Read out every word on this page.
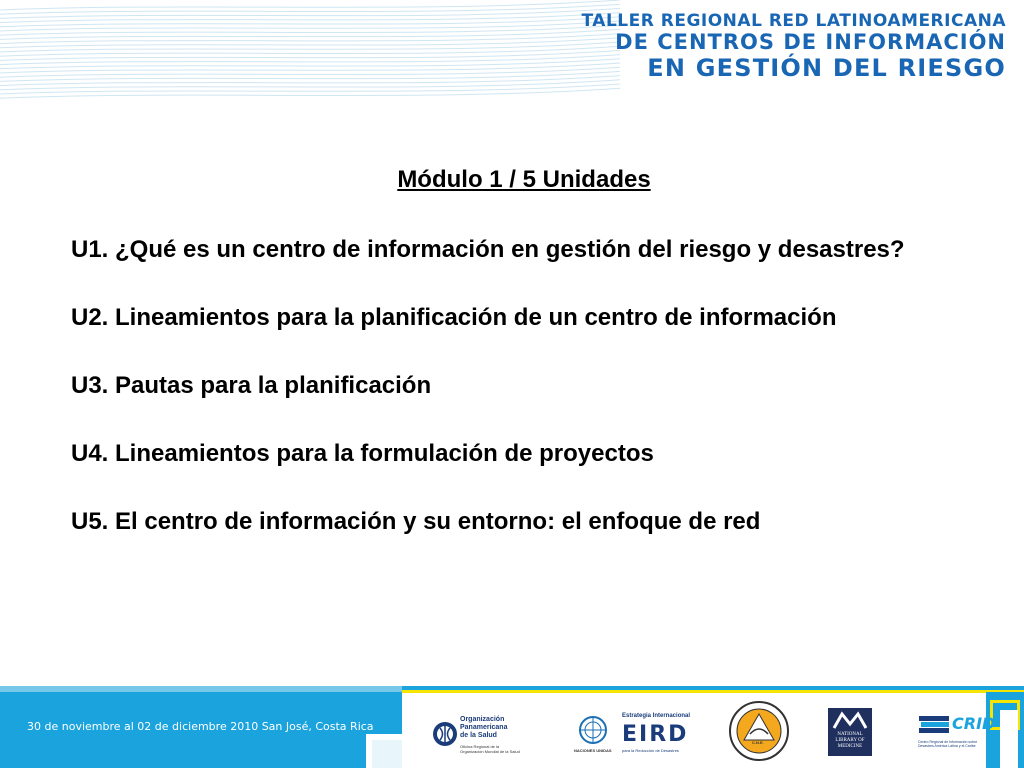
TALLER REGIONAL RED LATINOAMERICANA
DE CENTROS DE INFORMACIÓN
EN GESTIÓN DEL RIESGO
Módulo 1 / 5 Unidades
U1. ¿Qué es un centro de información en gestión del riesgo y desastres?
U2. Lineamientos para la planificación de un centro de información
U3. Pautas para la planificación
U4. Lineamientos para la formulación de proyectos
U5. El centro de información y su entorno: el enfoque de red
30 de noviembre al 02 de diciembre 2010 San José, Costa Rica
Organización
Panamericana
de la Salud
Oficina Regional de la
Organización Mundial de la Salud	NACIONES UNIDAS
Estrategia Internacional
EIRD
para la Reducción de Desastres
C.N.E.
NATIONAL
LIBRARY OF
MEDICINE
CRID
Centro Regional de Información sobre Desastres América Latina y el Caribe
